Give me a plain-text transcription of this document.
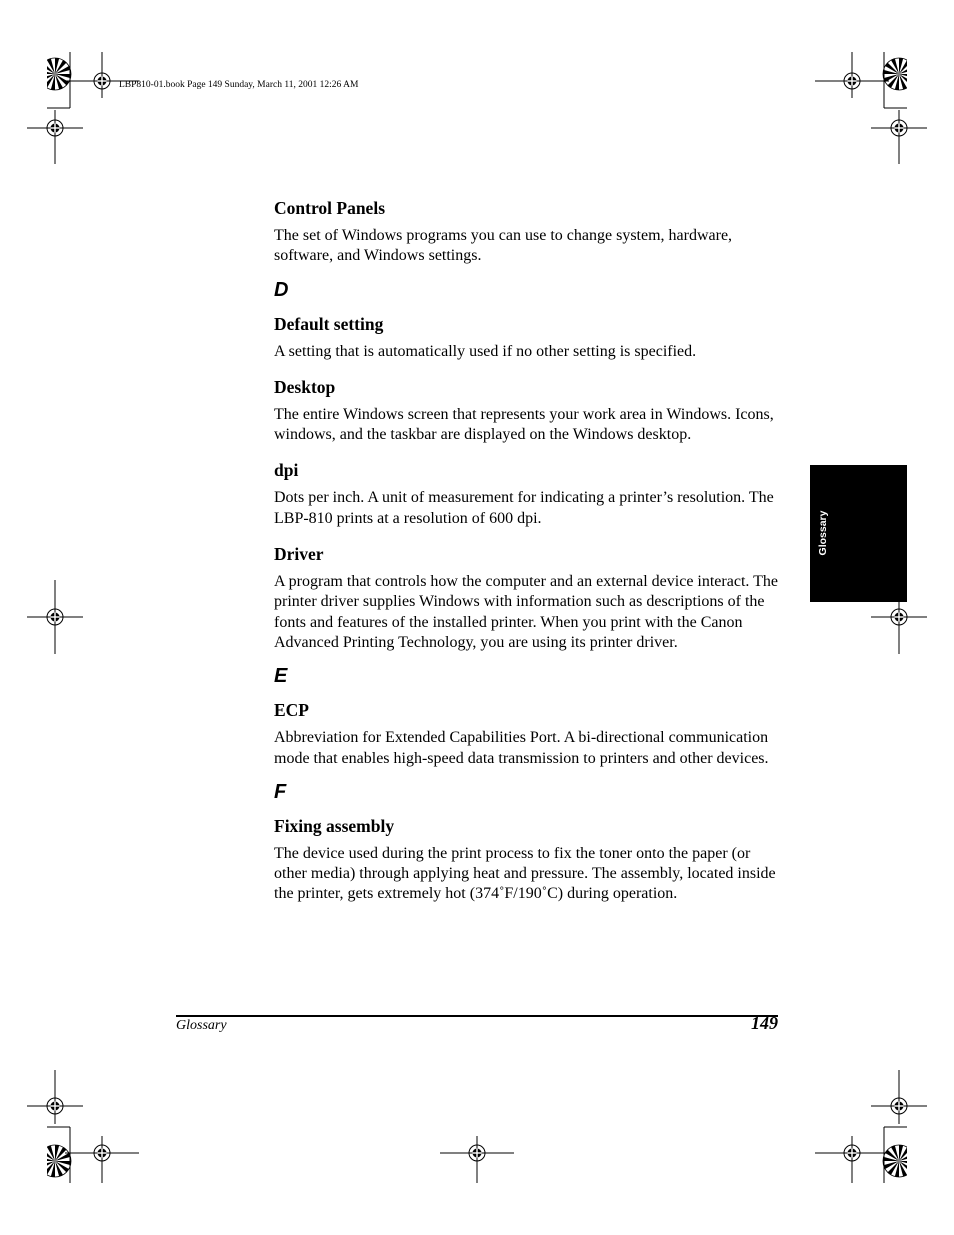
LBP810-01.book Page 149 Sunday, March 11, 2001 12:26 AM
Control Panels

The set of Windows programs you can use to change system, hardware, software, and Windows settings.

D
Default setting

A setting that is automatically used if no other setting is specified.

Desktop

The entire Windows screen that represents your work area in Windows. Icons, windows, and the taskbar are displayed on the Windows desktop.

dpi

Dots per inch. A unit of measurement for indicating a printer’s resolution. The LBP-810 prints at a resolution of 600 dpi.

Driver

A program that controls how the computer and an external device interact. The printer driver supplies Windows with information such as descriptions of the fonts and features of the installed printer. When you print with the Canon Advanced Printing Technology, you are using its printer driver.

E
ECP

Abbreviation for Extended Capabilities Port. A bi-directional communication mode that enables high-speed data transmission to printers and other devices.

F
Fixing assembly

The device used during the print process to fix the toner onto the paper (or other media) through applying heat and pressure. The assembly, located inside the printer, gets extremely hot (374˚F/190˚C) during operation.

Glossary
Glossary	149
